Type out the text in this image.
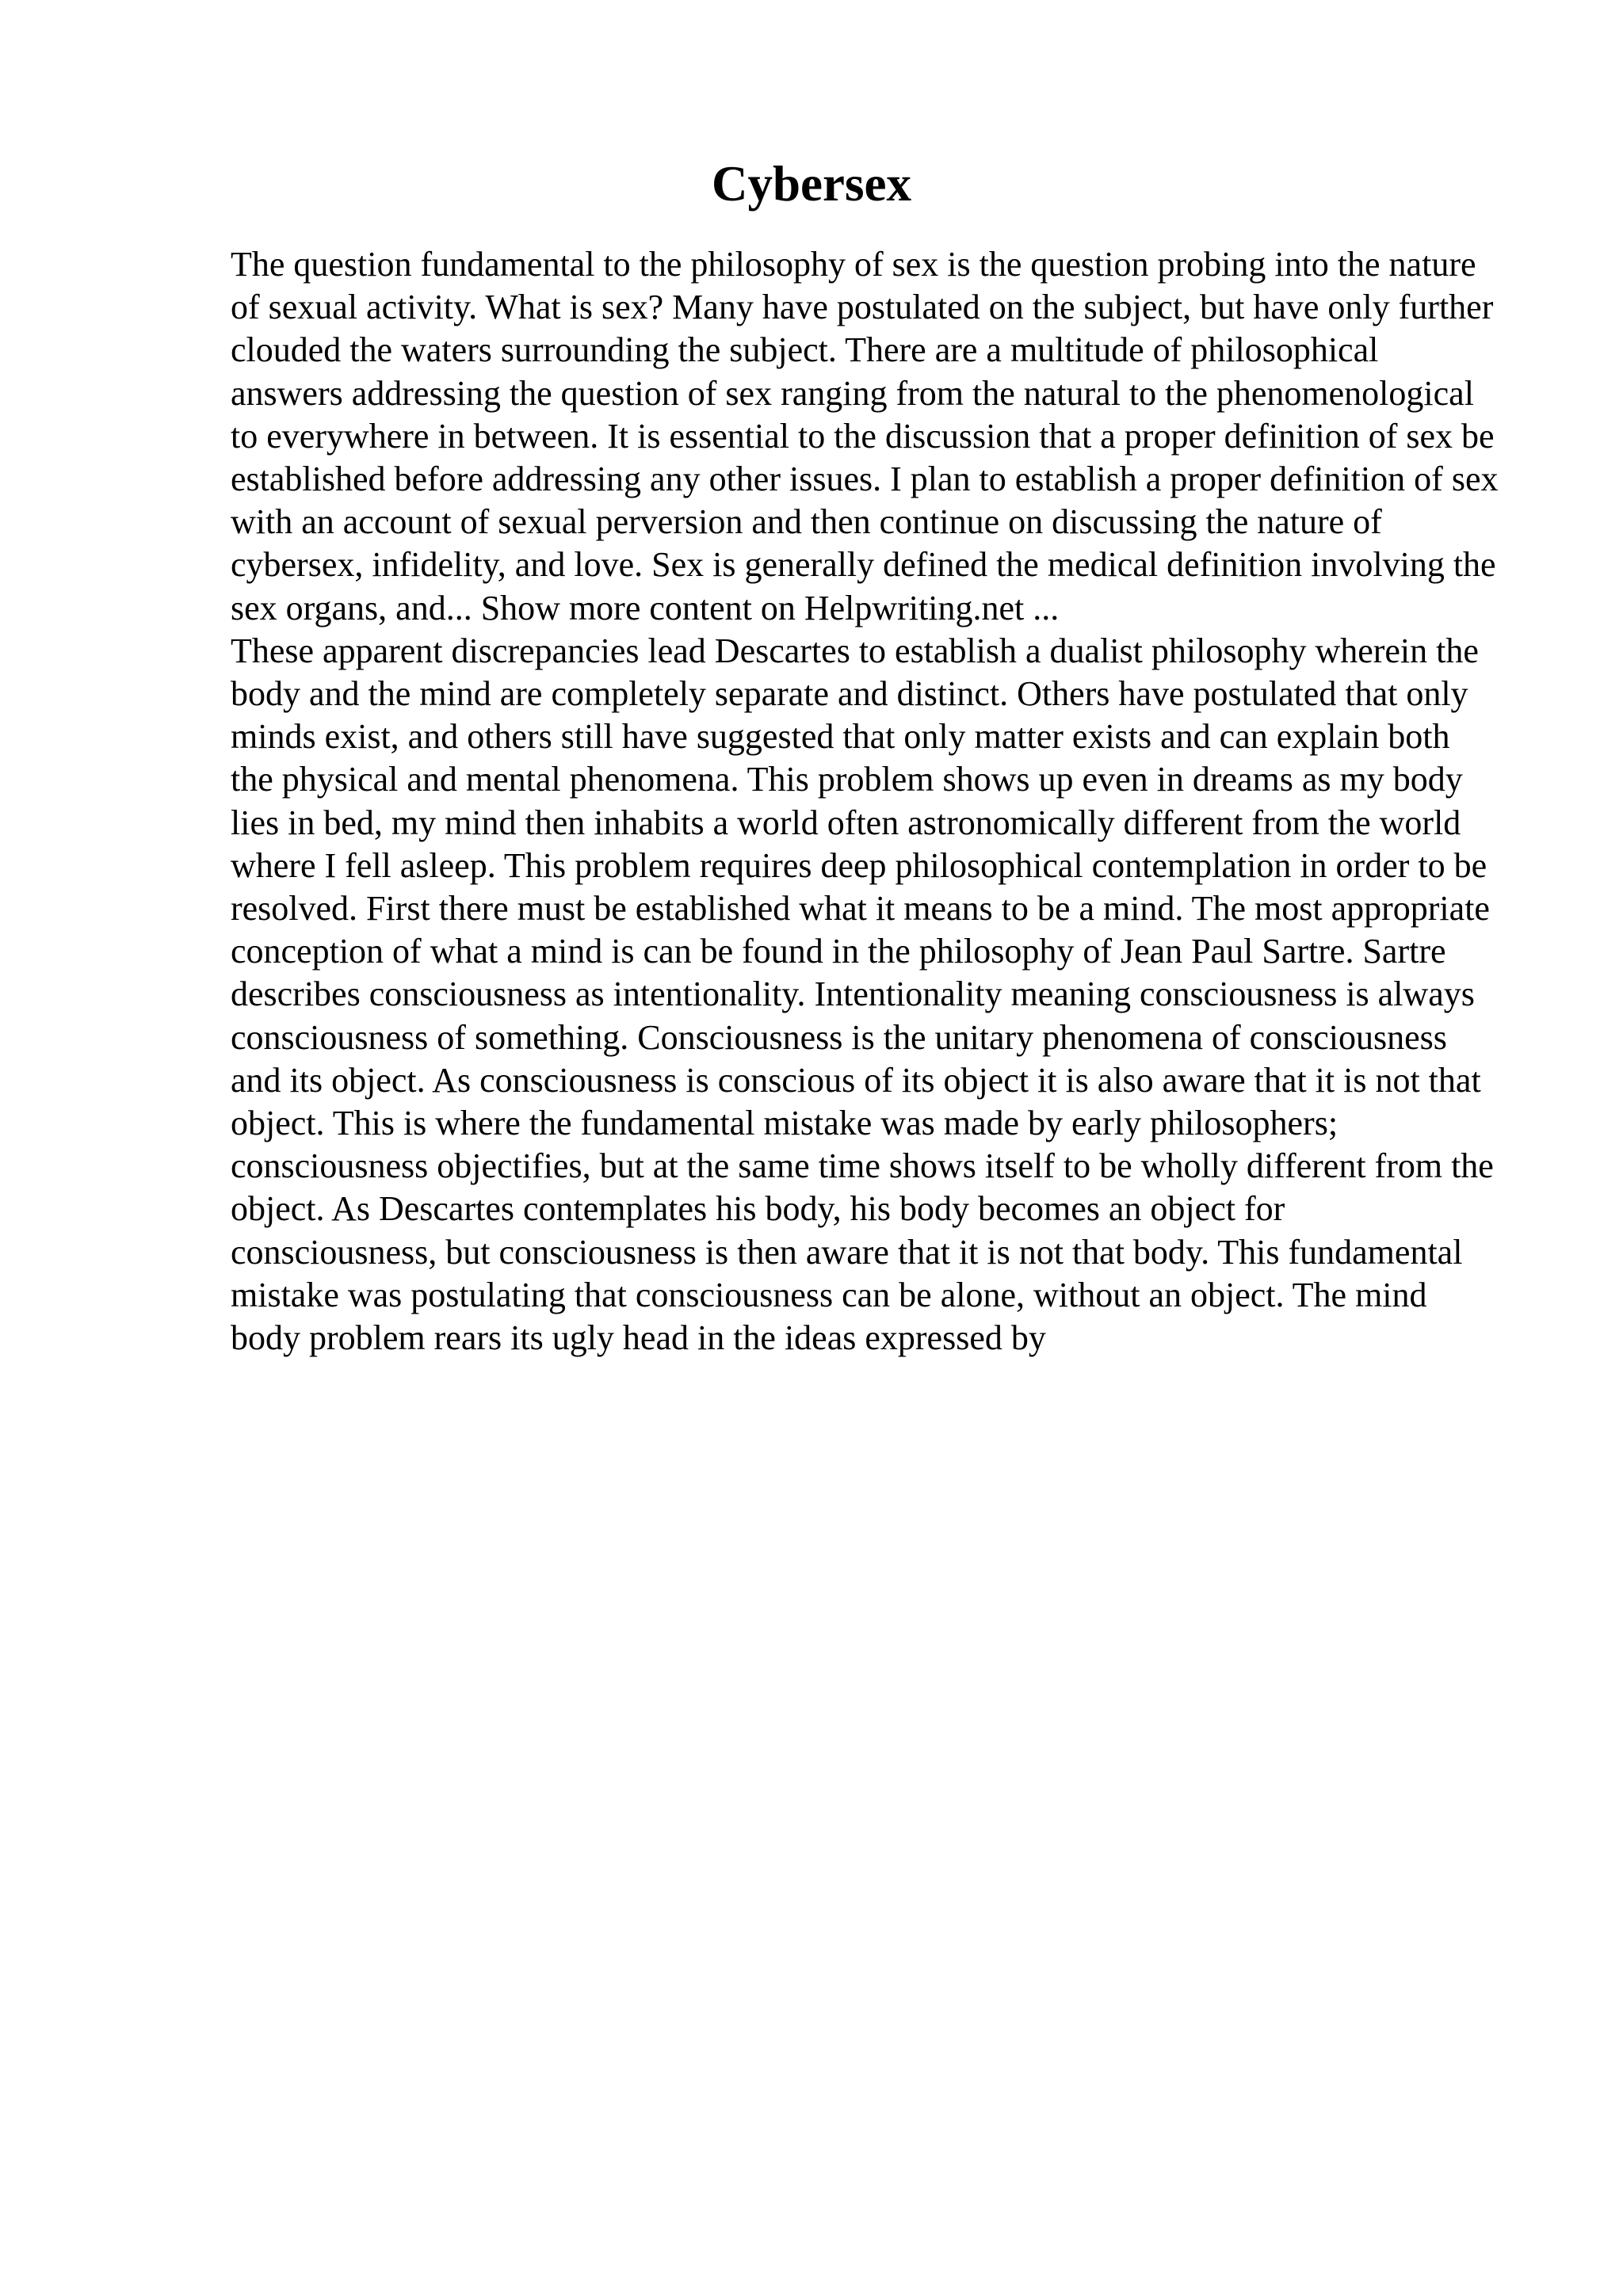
Cybersex

The question fundamental to the philosophy of sex is the question probing into the nature of sexual activity. What is sex? Many have postulated on the subject, but have only further clouded the waters surrounding the subject. There are a multitude of philosophical answers addressing the question of sex ranging from the natural to the phenomenological to everywhere in between. It is essential to the discussion that a proper definition of sex be established before addressing any other issues. I plan to establish a proper definition of sex with an account of sexual perversion and then continue on discussing the nature of cybersex, infidelity, and love. Sex is generally defined the medical definition involving the sex organs, and... Show more content on Helpwriting.net ...

These apparent discrepancies lead Descartes to establish a dualist philosophy wherein the body and the mind are completely separate and distinct. Others have postulated that only minds exist, and others still have suggested that only matter exists and can explain both the physical and mental phenomena. This problem shows up even in dreams as my body lies in bed, my mind then inhabits a world often astronomically different from the world where I fell asleep. This problem requires deep philosophical contemplation in order to be resolved. First there must be established what it means to be a mind. The most appropriate conception of what a mind is can be found in the philosophy of Jean Paul Sartre. Sartre describes consciousness as intentionality. Intentionality meaning consciousness is always consciousness of something. Consciousness is the unitary phenomena of consciousness and its object. As consciousness is conscious of its object it is also aware that it is not that object. This is where the fundamental mistake was made by early philosophers; consciousness objectifies, but at the same time shows itself to be wholly different from the object. As Descartes contemplates his body, his body becomes an object for consciousness, but consciousness is then aware that it is not that body. This fundamental mistake was postulating that consciousness can be alone, without an object. The mind body problem rears its ugly head in the ideas expressed by
